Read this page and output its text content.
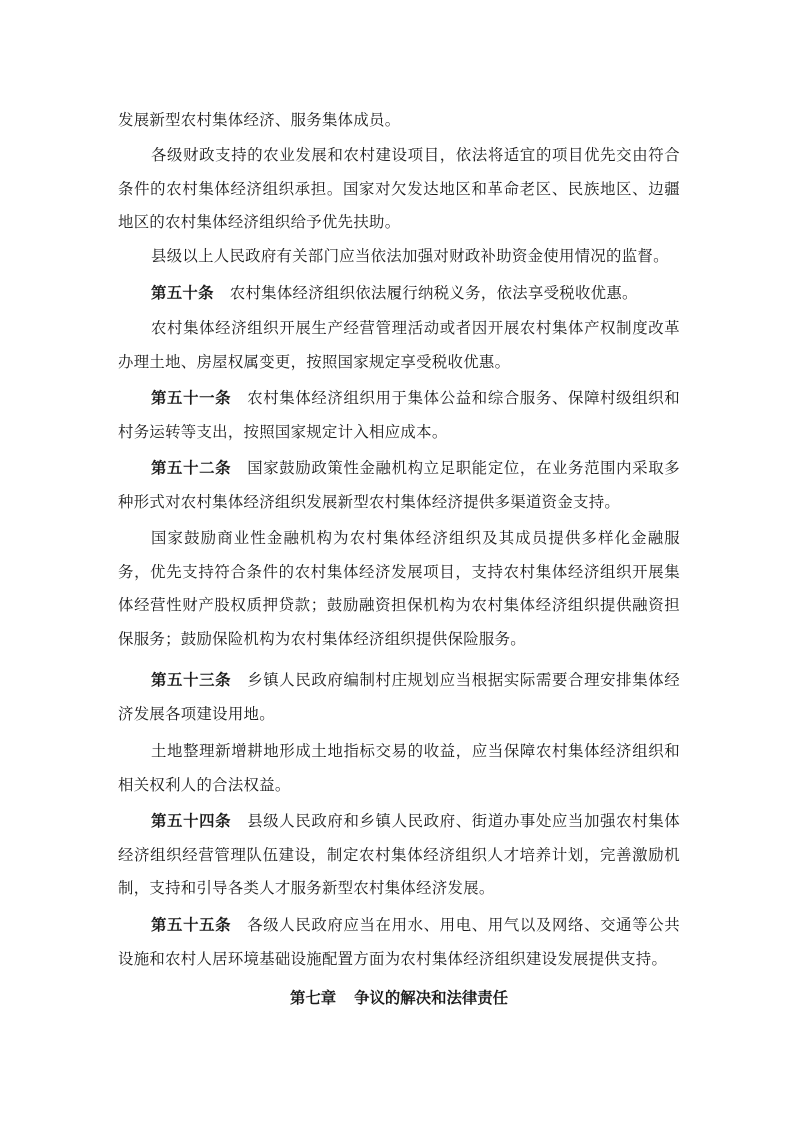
发展新型农村集体经济、服务集体成员。

各级财政支持的农业发展和农村建设项目，依法将适宜的项目优先交由符合条件的农村集体经济组织承担。国家对欠发达地区和革命老区、民族地区、边疆地区的农村集体经济组织给予优先扶助。

县级以上人民政府有关部门应当依法加强对财政补助资金使用情况的监督。

第五十条 农村集体经济组织依法履行纳税义务，依法享受税收优惠。

农村集体经济组织开展生产经营管理活动或者因开展农村集体产权制度改革办理土地、房屋权属变更，按照国家规定享受税收优惠。

第五十一条 农村集体经济组织用于集体公益和综合服务、保障村级组织和村务运转等支出，按照国家规定计入相应成本。

第五十二条 国家鼓励政策性金融机构立足职能定位，在业务范围内采取多种形式对农村集体经济组织发展新型农村集体经济提供多渠道资金支持。

国家鼓励商业性金融机构为农村集体经济组织及其成员提供多样化金融服务，优先支持符合条件的农村集体经济发展项目，支持农村集体经济组织开展集体经营性财产股权质押贷款；鼓励融资担保机构为农村集体经济组织提供融资担保服务；鼓励保险机构为农村集体经济组织提供保险服务。

第五十三条 乡镇人民政府编制村庄规划应当根据实际需要合理安排集体经济发展各项建设用地。

土地整理新增耕地形成土地指标交易的收益，应当保障农村集体经济组织和相关权利人的合法权益。

第五十四条 县级人民政府和乡镇人民政府、街道办事处应当加强农村集体经济组织经营管理队伍建设，制定农村集体经济组织人才培养计划，完善激励机制，支持和引导各类人才服务新型农村集体经济发展。

第五十五条 各级人民政府应当在用水、用电、用气以及网络、交通等公共设施和农村人居环境基础设施配置方面为农村集体经济组织建设发展提供支持。

第七章 争议的解决和法律责任
